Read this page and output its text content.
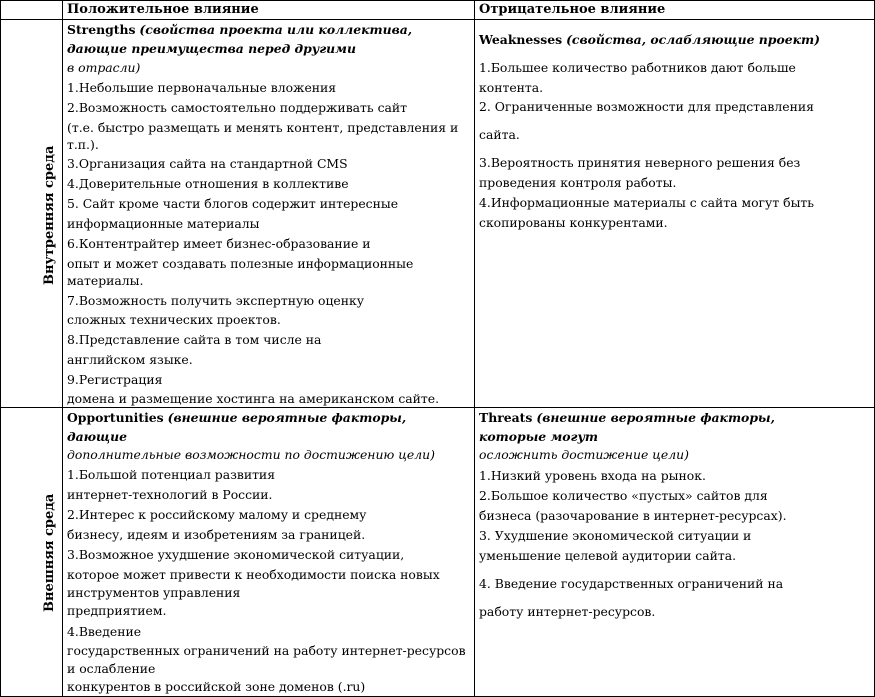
Положительное влияние	Отрицательное влияние
Внутренняя среда
Внешняя среда
Strengths (свойства проекта или коллектива,
дающие преимущества перед другими
в отрасли)
1.Небольшие первоначальные вложения
2.Возможность самостоятельно поддерживать сайт
(т.е. быстро размещать и менять контент, представления и
т.п.).
3.Организация сайта на стандартной CMS
4.Доверительные отношения в коллективе
5. Сайт кроме части блогов содержит интересные
информационные материалы
6.Контентрайтер имеет бизнес-образование и
опыт и может создавать полезные информационные
материалы.
7.Возможность получить экспертную оценку
сложных технических проектов.
8.Представление сайта в том числе на
английском языке.
9.Регистрация
домена и размещение хостинга на американском сайте.
Weaknesses (свойства, ослабляющие проект)
1.Большее количество работников дают больше
контента.
2. Ограниченные возможности для представления
сайта.
3.Вероятность принятия неверного решения без
проведения контроля работы.
4.Информационные материалы с сайта могут быть
скопированы конкурентами.
Opportunities (внешние вероятные факторы,
дающие
дополнительные возможности по достижению цели)
1.Большой потенциал развития
интернет-технологий в России.
2.Интерес к российскому малому и среднему
бизнесу, идеям и изобретениям за границей.
3.Возможное ухудшение экономической ситуации,
которое может привести к необходимости поиска новых
инструментов управления
предприятием.
4.Введение
государственных ограничений на работу интернет-ресурсов
и ослабление
конкурентов в российской зоне доменов (.ru)
Threats (внешние вероятные факторы,
которые могут
осложнить достижение цели)
1.Низкий уровень входа на рынок.
2.Большое количество «пустых» сайтов для
бизнеса (разочарование в интернет-ресурсах).
3. Ухудшение экономической ситуации и
уменьшение целевой аудитории сайта.
4. Введение государственных ограничений на
работу интернет-ресурсов.
